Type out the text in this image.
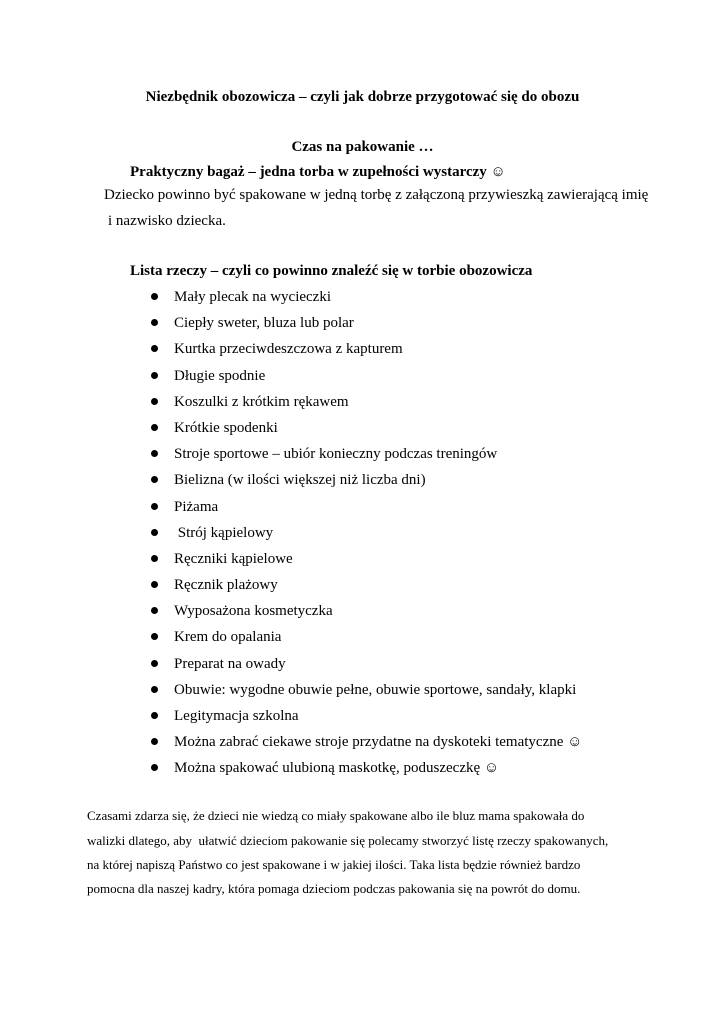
Niezbędnik obozowicza – czyli jak dobrze przygotować się do obozu
Czas na pakowanie …
Praktyczny bagaż – jedna torba w zupełności wystarczy ☺
Dziecko powinno być spakowane w jedną torbę z załączoną przywieszką zawierającą imię
i nazwisko dziecka.
Lista rzeczy – czyli co powinno znaleźć się w torbie obozowicza
Mały plecak na wycieczki
Ciepły sweter, bluza lub polar
Kurtka przeciwdeszczowa z kapturem
Długie spodnie
Koszulki z krótkim rękawem
Krótkie spodenki
Stroje sportowe – ubiór konieczny podczas treningów
Bielizna (w ilości większej niż liczba dni)
Piżama
Strój kąpielowy
Ręczniki kąpielowe
Ręcznik plażowy
Wyposażona kosmetyczka
Krem do opalania
Preparat na owady
Obuwie: wygodne obuwie pełne, obuwie sportowe, sandały, klapki
Legitymacja szkolna
Można zabrać ciekawe stroje przydatne na dyskoteki tematyczne ☺
Można spakować ulubioną maskotkę, poduszeczkę ☺
Czasami zdarza się, że dzieci nie wiedzą co miały spakowane albo ile bluz mama spakowała do
walizki dlatego, aby  ułatwić dzieciom pakowanie się polecamy stworzyć listę rzeczy spakowanych,
na której napiszą Państwo co jest spakowane i w jakiej ilości. Taka lista będzie również bardzo
pomocna dla naszej kadry, która pomaga dzieciom podczas pakowania się na powrót do domu.
